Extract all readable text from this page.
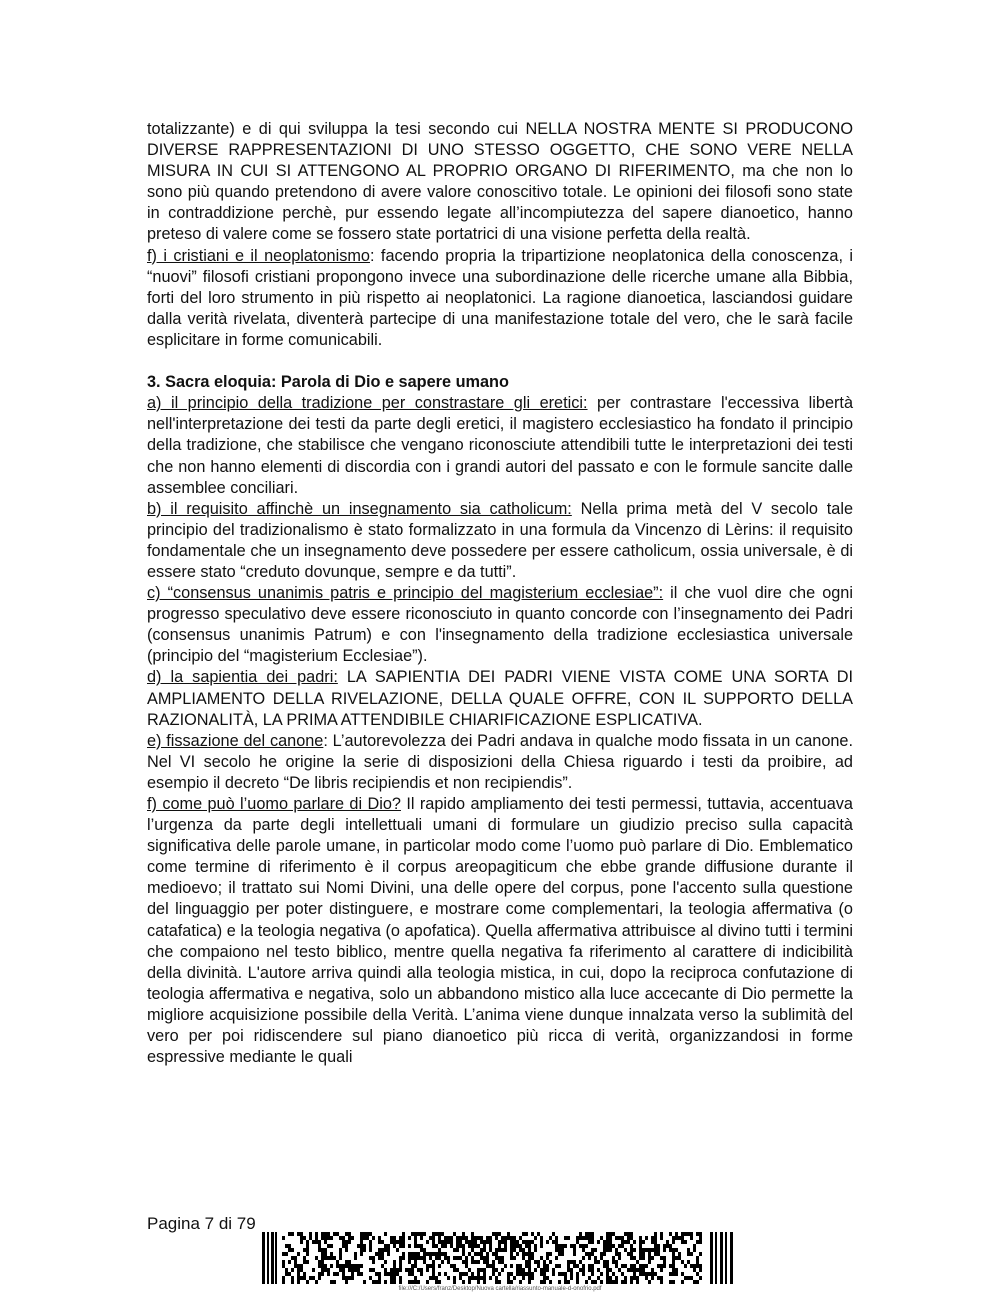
totalizzante) e di qui sviluppa la tesi secondo cui NELLA NOSTRA MENTE SI PRODUCONO DIVERSE RAPPRESENTAZIONI DI UNO STESSO OGGETTO, CHE SONO VERE NELLA MISURA IN CUI SI ATTENGONO AL PROPRIO ORGANO DI RIFERIMENTO, ma che non lo sono più quando pretendono di avere valore conoscitivo totale. Le opinioni dei filosofi sono state in contraddizione perchè, pur essendo legate all’incompiutezza del sapere dianoetico, hanno preteso di valere come se fossero state portatrici di una visione perfetta della realtà.

f) i cristiani e il neoplatonismo: facendo propria la tripartizione neoplatonica della conoscenza, i “nuovi” filosofi cristiani propongono invece una subordinazione delle ricerche umane alla Bibbia, forti del loro strumento in più rispetto ai neoplatonici. La ragione dianoetica, lasciandosi guidare dalla verità rivelata, diventerà partecipe di una manifestazione totale del vero, che le sarà facile esplicitare in forme comunicabili.

3. Sacra eloquia: Parola di Dio e sapere umano

a) il principio della tradizione per constrastare gli eretici: per contrastare l'eccessiva libertà nell'interpretazione dei testi da parte degli eretici, il magistero ecclesiastico ha fondato il principio della tradizione, che stabilisce che vengano riconosciute attendibili tutte le interpretazioni dei testi che non hanno elementi di discordia con i grandi autori del passato e con le formule sancite dalle assemblee conciliari.

b) il requisito affinchè un insegnamento sia catholicum: Nella prima metà del V secolo tale principio del tradizionalismo è stato formalizzato in una formula da Vincenzo di Lèrins: il requisito fondamentale che un insegnamento deve possedere per essere catholicum, ossia universale, è di essere stato “creduto dovunque, sempre e da tutti”.

c) “consensus unanimis patris e principio del magisterium ecclesiae”: il che vuol dire che ogni progresso speculativo deve essere riconosciuto in quanto concorde con l’insegnamento dei Padri (consensus unanimis Patrum) e con l'insegnamento della tradizione ecclesiastica universale (principio del “magisterium Ecclesiae”).

d) la sapientia dei padri: LA SAPIENTIA DEI PADRI VIENE VISTA COME UNA SORTA DI AMPLIAMENTO DELLA RIVELAZIONE, DELLA QUALE OFFRE, CON IL SUPPORTO DELLA RAZIONALITÀ, LA PRIMA ATTENDIBILE CHIARIFICAZIONE ESPLICATIVA.

e) fissazione del canone: L’autorevolezza dei Padri andava in qualche modo fissata in un canone. Nel VI secolo he origine la serie di disposizioni della Chiesa riguardo i testi da proibire, ad esempio il decreto “De libris recipiendis et non recipiendis”.

f) come può l’uomo parlare di Dio? Il rapido ampliamento dei testi permessi, tuttavia, accentuava l’urgenza da parte degli intellettuali umani di formulare un giudizio preciso sulla capacità significativa delle parole umane, in particolar modo come l’uomo può parlare di Dio. Emblematico come termine di riferimento è il corpus areopagiticum che ebbe grande diffusione durante il medioevo; il trattato sui Nomi Divini, una delle opere del corpus, pone l'accento sulla questione del linguaggio per poter distinguere, e mostrare come complementari, la teologia affermativa (o catafatica) e la teologia negativa (o apofatica). Quella affermativa attribuisce al divino tutti i termini che compaiono nel testo biblico, mentre quella negativa fa riferimento al carattere di indicibilità della divinità. L'autore arriva quindi alla teologia mistica, in cui, dopo la reciproca confutazione di teologia affermativa e negativa, solo un abbandono mistico alla luce accecante di Dio permette la migliore acquisizione possibile della Verità. L’anima viene dunque innalzata verso la sublimità del vero per poi ridiscendere sul piano dianoetico più ricca di verità, organizzandosi in forme espressive mediante le quali

Pagina 7 di 79
file:///C:/Users/franz/Desktop/Nuova cartella/riassunto-manuale-d-onofrio.pdf
